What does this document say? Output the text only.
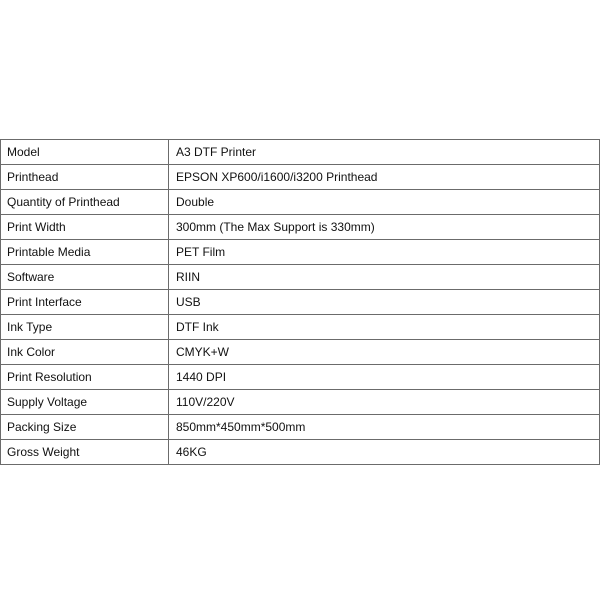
Model	A3 DTF Printer
Printhead	EPSON XP600/i1600/i3200 Printhead
Quantity of Printhead	Double
Print Width	300mm (The Max Support is 330mm)
Printable Media	PET Film
Software	RIIN
Print Interface	USB
Ink Type	DTF Ink
Ink Color	CMYK+W
Print Resolution	1440 DPI
Supply Voltage	110V/220V
Packing Size	850mm*450mm*500mm
Gross Weight	46KG
